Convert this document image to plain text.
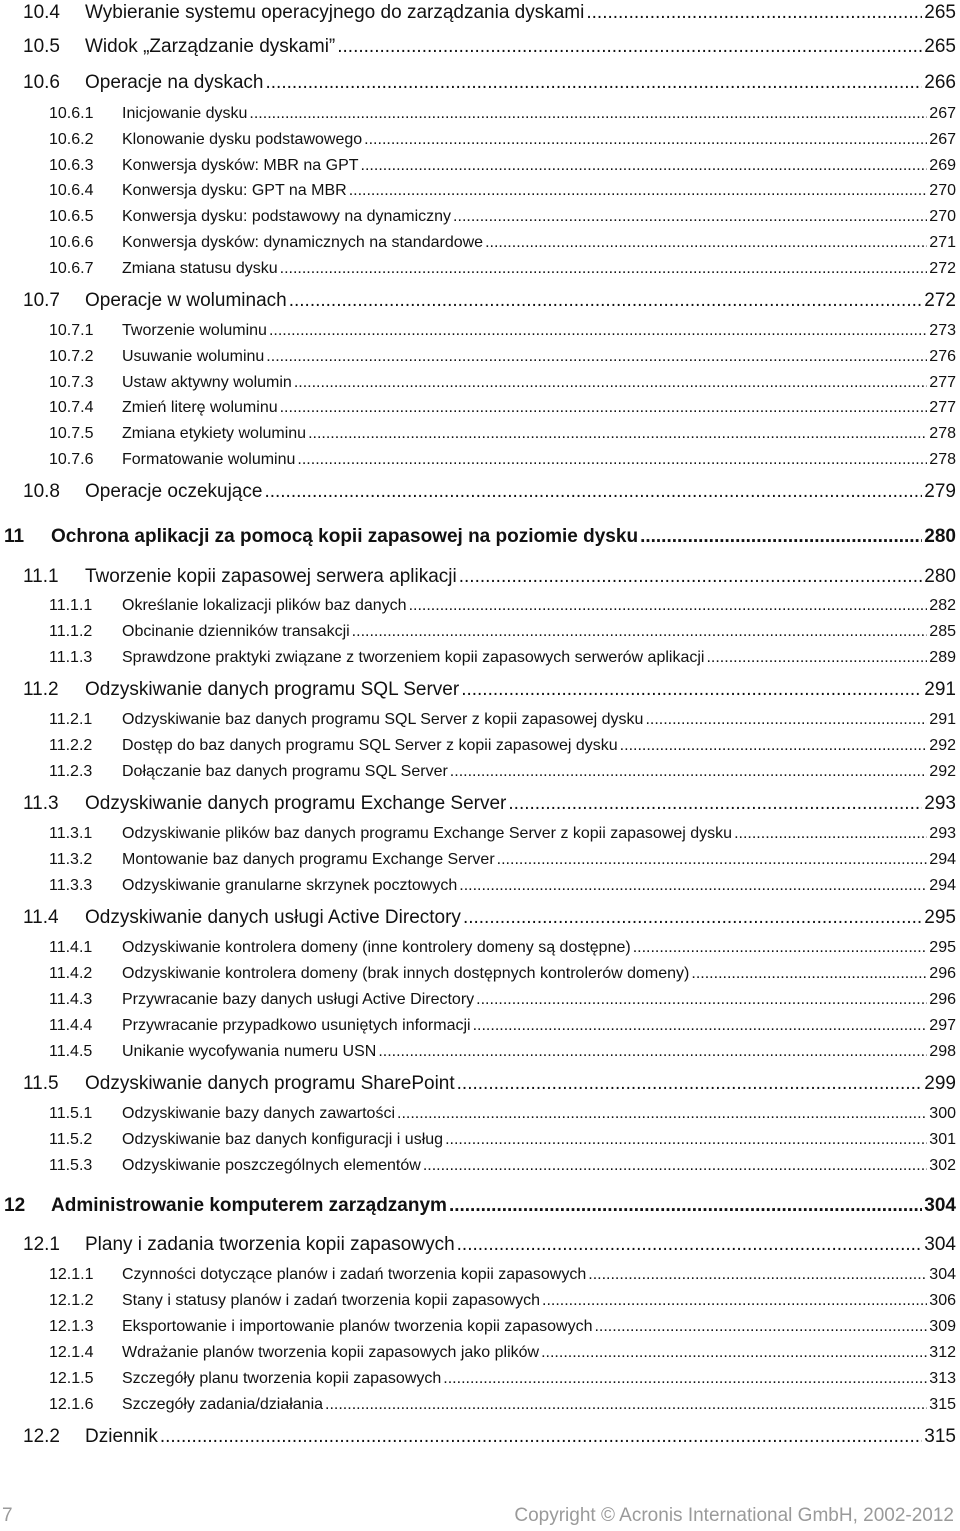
10.4	Wybieranie systemu operacyjnego do zarządzania dyskami .....	265
10.5	Widok „Zarządzanie dyskami” .....	265
10.6	Operacje na dyskach .....	266
10.6.1	Inicjowanie dysku .....	267
10.6.2	Klonowanie dysku podstawowego .....	267
10.6.3	Konwersja dysków: MBR na GPT .....	269
10.6.4	Konwersja dysku: GPT na MBR .....	270
10.6.5	Konwersja dysku: podstawowy na dynamiczny .....	270
10.6.6	Konwersja dysków: dynamicznych na standardowe .....	271
10.6.7	Zmiana statusu dysku .....	272
10.7	Operacje w woluminach .....	272
10.7.1	Tworzenie woluminu .....	273
10.7.2	Usuwanie woluminu .....	276
10.7.3	Ustaw aktywny wolumin .....	277
10.7.4	Zmień literę woluminu .....	277
10.7.5	Zmiana etykiety woluminu .....	278
10.7.6	Formatowanie woluminu .....	278
10.8	Operacje oczekujące .....	279
11	Ochrona aplikacji za pomocą kopii zapasowej na poziomie dysku .....	280
11.1	Tworzenie kopii zapasowej serwera aplikacji .....	280
11.1.1	Określanie lokalizacji plików baz danych .....	282
11.1.2	Obcinanie dzienników transakcji .....	285
11.1.3	Sprawdzone praktyki związane z tworzeniem kopii zapasowych serwerów aplikacji .....	289
11.2	Odzyskiwanie danych programu SQL Server .....	291
11.2.1	Odzyskiwanie baz danych programu SQL Server z kopii zapasowej dysku .....	291
11.2.2	Dostęp do baz danych programu SQL Server z kopii zapasowej dysku .....	292
11.2.3	Dołączanie baz danych programu SQL Server .....	292
11.3	Odzyskiwanie danych programu Exchange Server .....	293
11.3.1	Odzyskiwanie plików baz danych programu Exchange Server z kopii zapasowej dysku .....	293
11.3.2	Montowanie baz danych programu Exchange Server .....	294
11.3.3	Odzyskiwanie granularne skrzynek pocztowych .....	294
11.4	Odzyskiwanie danych usługi Active Directory .....	295
11.4.1	Odzyskiwanie kontrolera domeny (inne kontrolery domeny są dostępne) .....	295
11.4.2	Odzyskiwanie kontrolera domeny (brak innych dostępnych kontrolerów domeny) .....	296
11.4.3	Przywracanie bazy danych usługi Active Directory .....	296
11.4.4	Przywracanie przypadkowo usuniętych informacji .....	297
11.4.5	Unikanie wycofywania numeru USN .....	298
11.5	Odzyskiwanie danych programu SharePoint .....	299
11.5.1	Odzyskiwanie bazy danych zawartości .....	300
11.5.2	Odzyskiwanie baz danych konfiguracji i usług .....	301
11.5.3	Odzyskiwanie poszczególnych elementów .....	302
12	Administrowanie komputerem zarządzanym .....	304
12.1	Plany i zadania tworzenia kopii zapasowych .....	304
12.1.1	Czynności dotyczące planów i zadań tworzenia kopii zapasowych .....	304
12.1.2	Stany i statusy planów i zadań tworzenia kopii zapasowych .....	306
12.1.3	Eksportowanie i importowanie planów tworzenia kopii zapasowych .....	309
12.1.4	Wdrażanie planów tworzenia kopii zapasowych jako plików .....	312
12.1.5	Szczegóły planu tworzenia kopii zapasowych .....	313
12.1.6	Szczegóły zadania/działania .....	315
12.2	Dziennik .....	315
7	Copyright © Acronis International GmbH, 2002-2012
